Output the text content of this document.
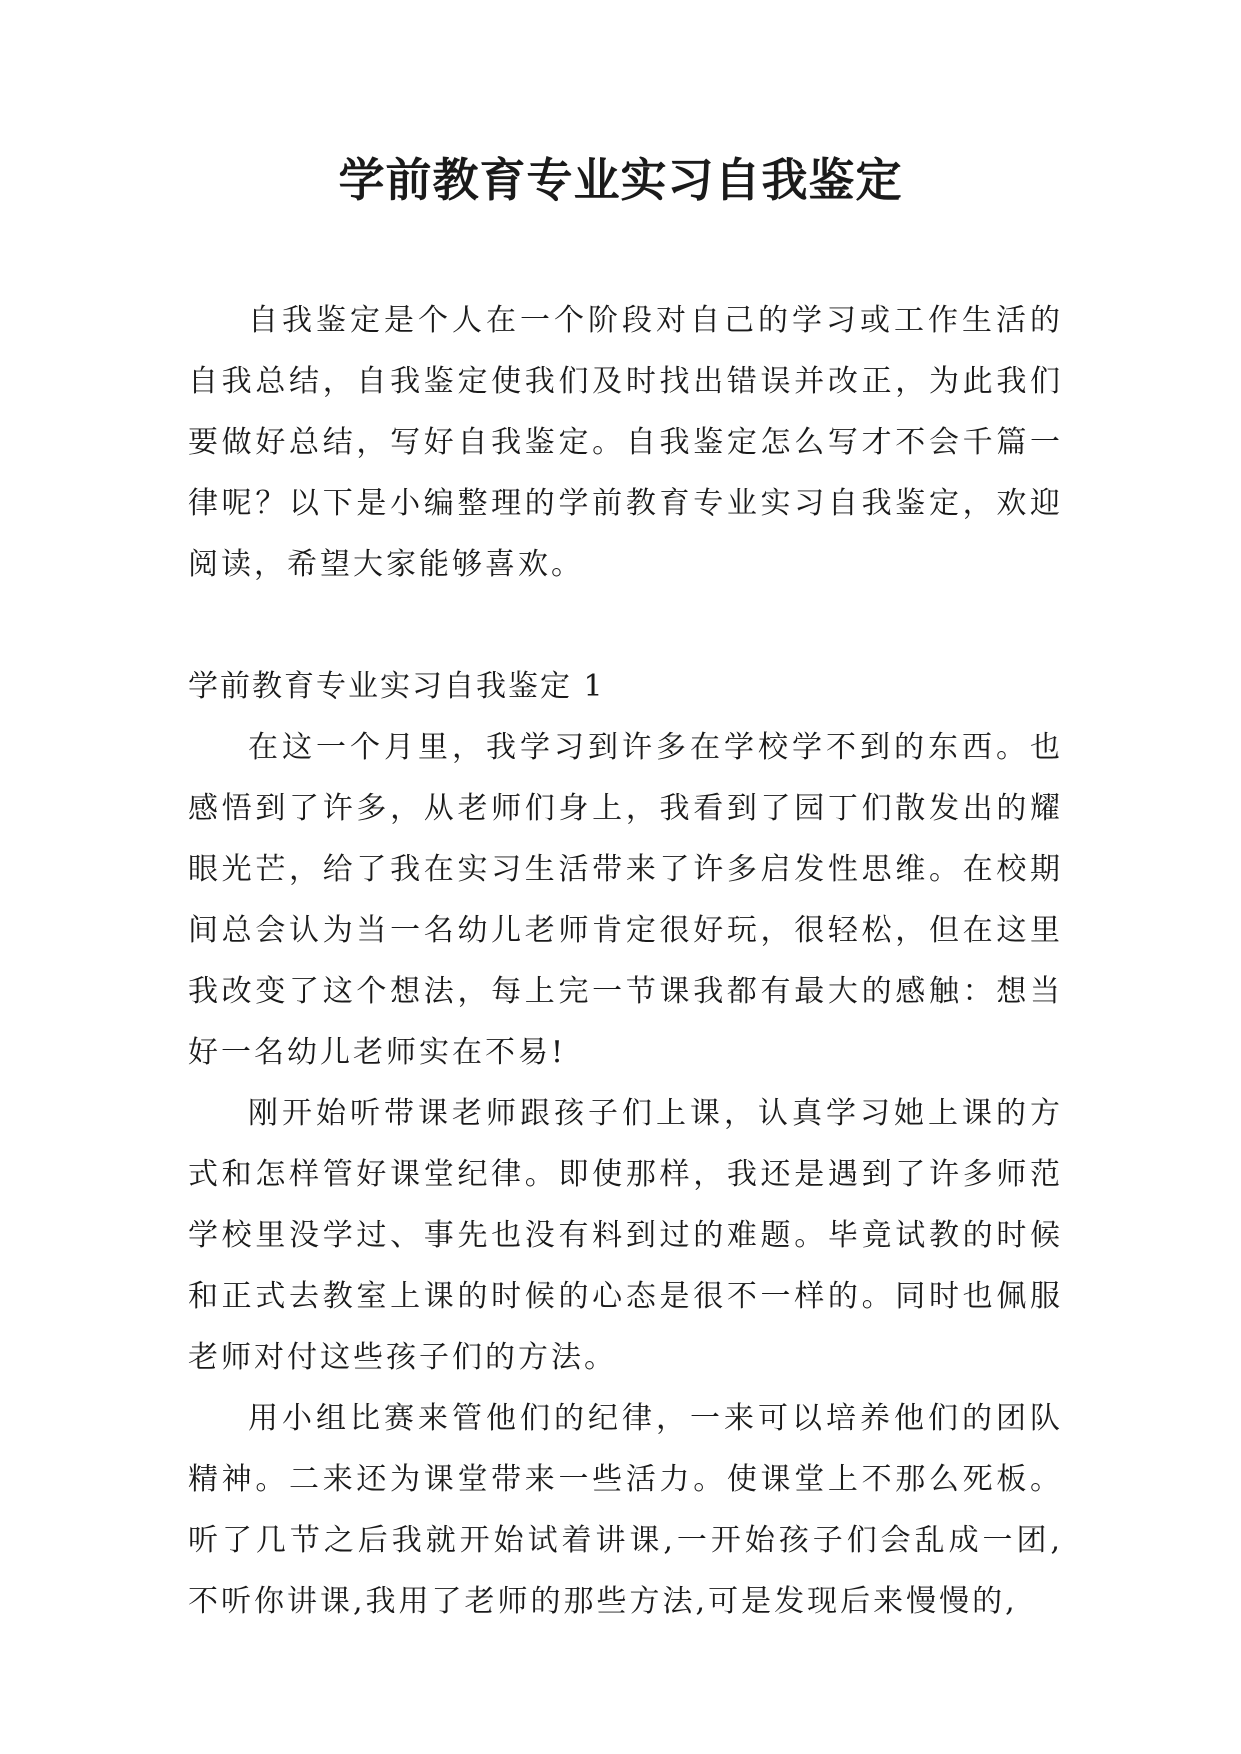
学前教育专业实习自我鉴定

自我鉴定是个人在一个阶段对自己的学习或工作生活的自我总结，自我鉴定使我们及时找出错误并改正，为此我们要做好总结，写好自我鉴定。自我鉴定怎么写才不会千篇一律呢？以下是小编整理的学前教育专业实习自我鉴定，欢迎阅读，希望大家能够喜欢。

学前教育专业实习自我鉴定 1

在这一个月里，我学习到许多在学校学不到的东西。也感悟到了许多，从老师们身上，我看到了园丁们散发出的耀眼光芒，给了我在实习生活带来了许多启发性思维。在校期间总会认为当一名幼儿老师肯定很好玩，很轻松，但在这里我改变了这个想法，每上完一节课我都有最大的感触：想当好一名幼儿老师实在不易!

刚开始听带课老师跟孩子们上课，认真学习她上课的方式和怎样管好课堂纪律。即使那样，我还是遇到了许多师范学校里没学过、事先也没有料到过的难题。毕竟试教的时候和正式去教室上课的时候的心态是很不一样的。同时也佩服老师对付这些孩子们的方法。

用小组比赛来管他们的纪律，一来可以培养他们的团队精神。二来还为课堂带来一些活力。使课堂上不那么死板。听了几节之后我就开始试着讲课,一开始孩子们会乱成一团,不听你讲课,我用了老师的那些方法,可是发现后来慢慢的,
